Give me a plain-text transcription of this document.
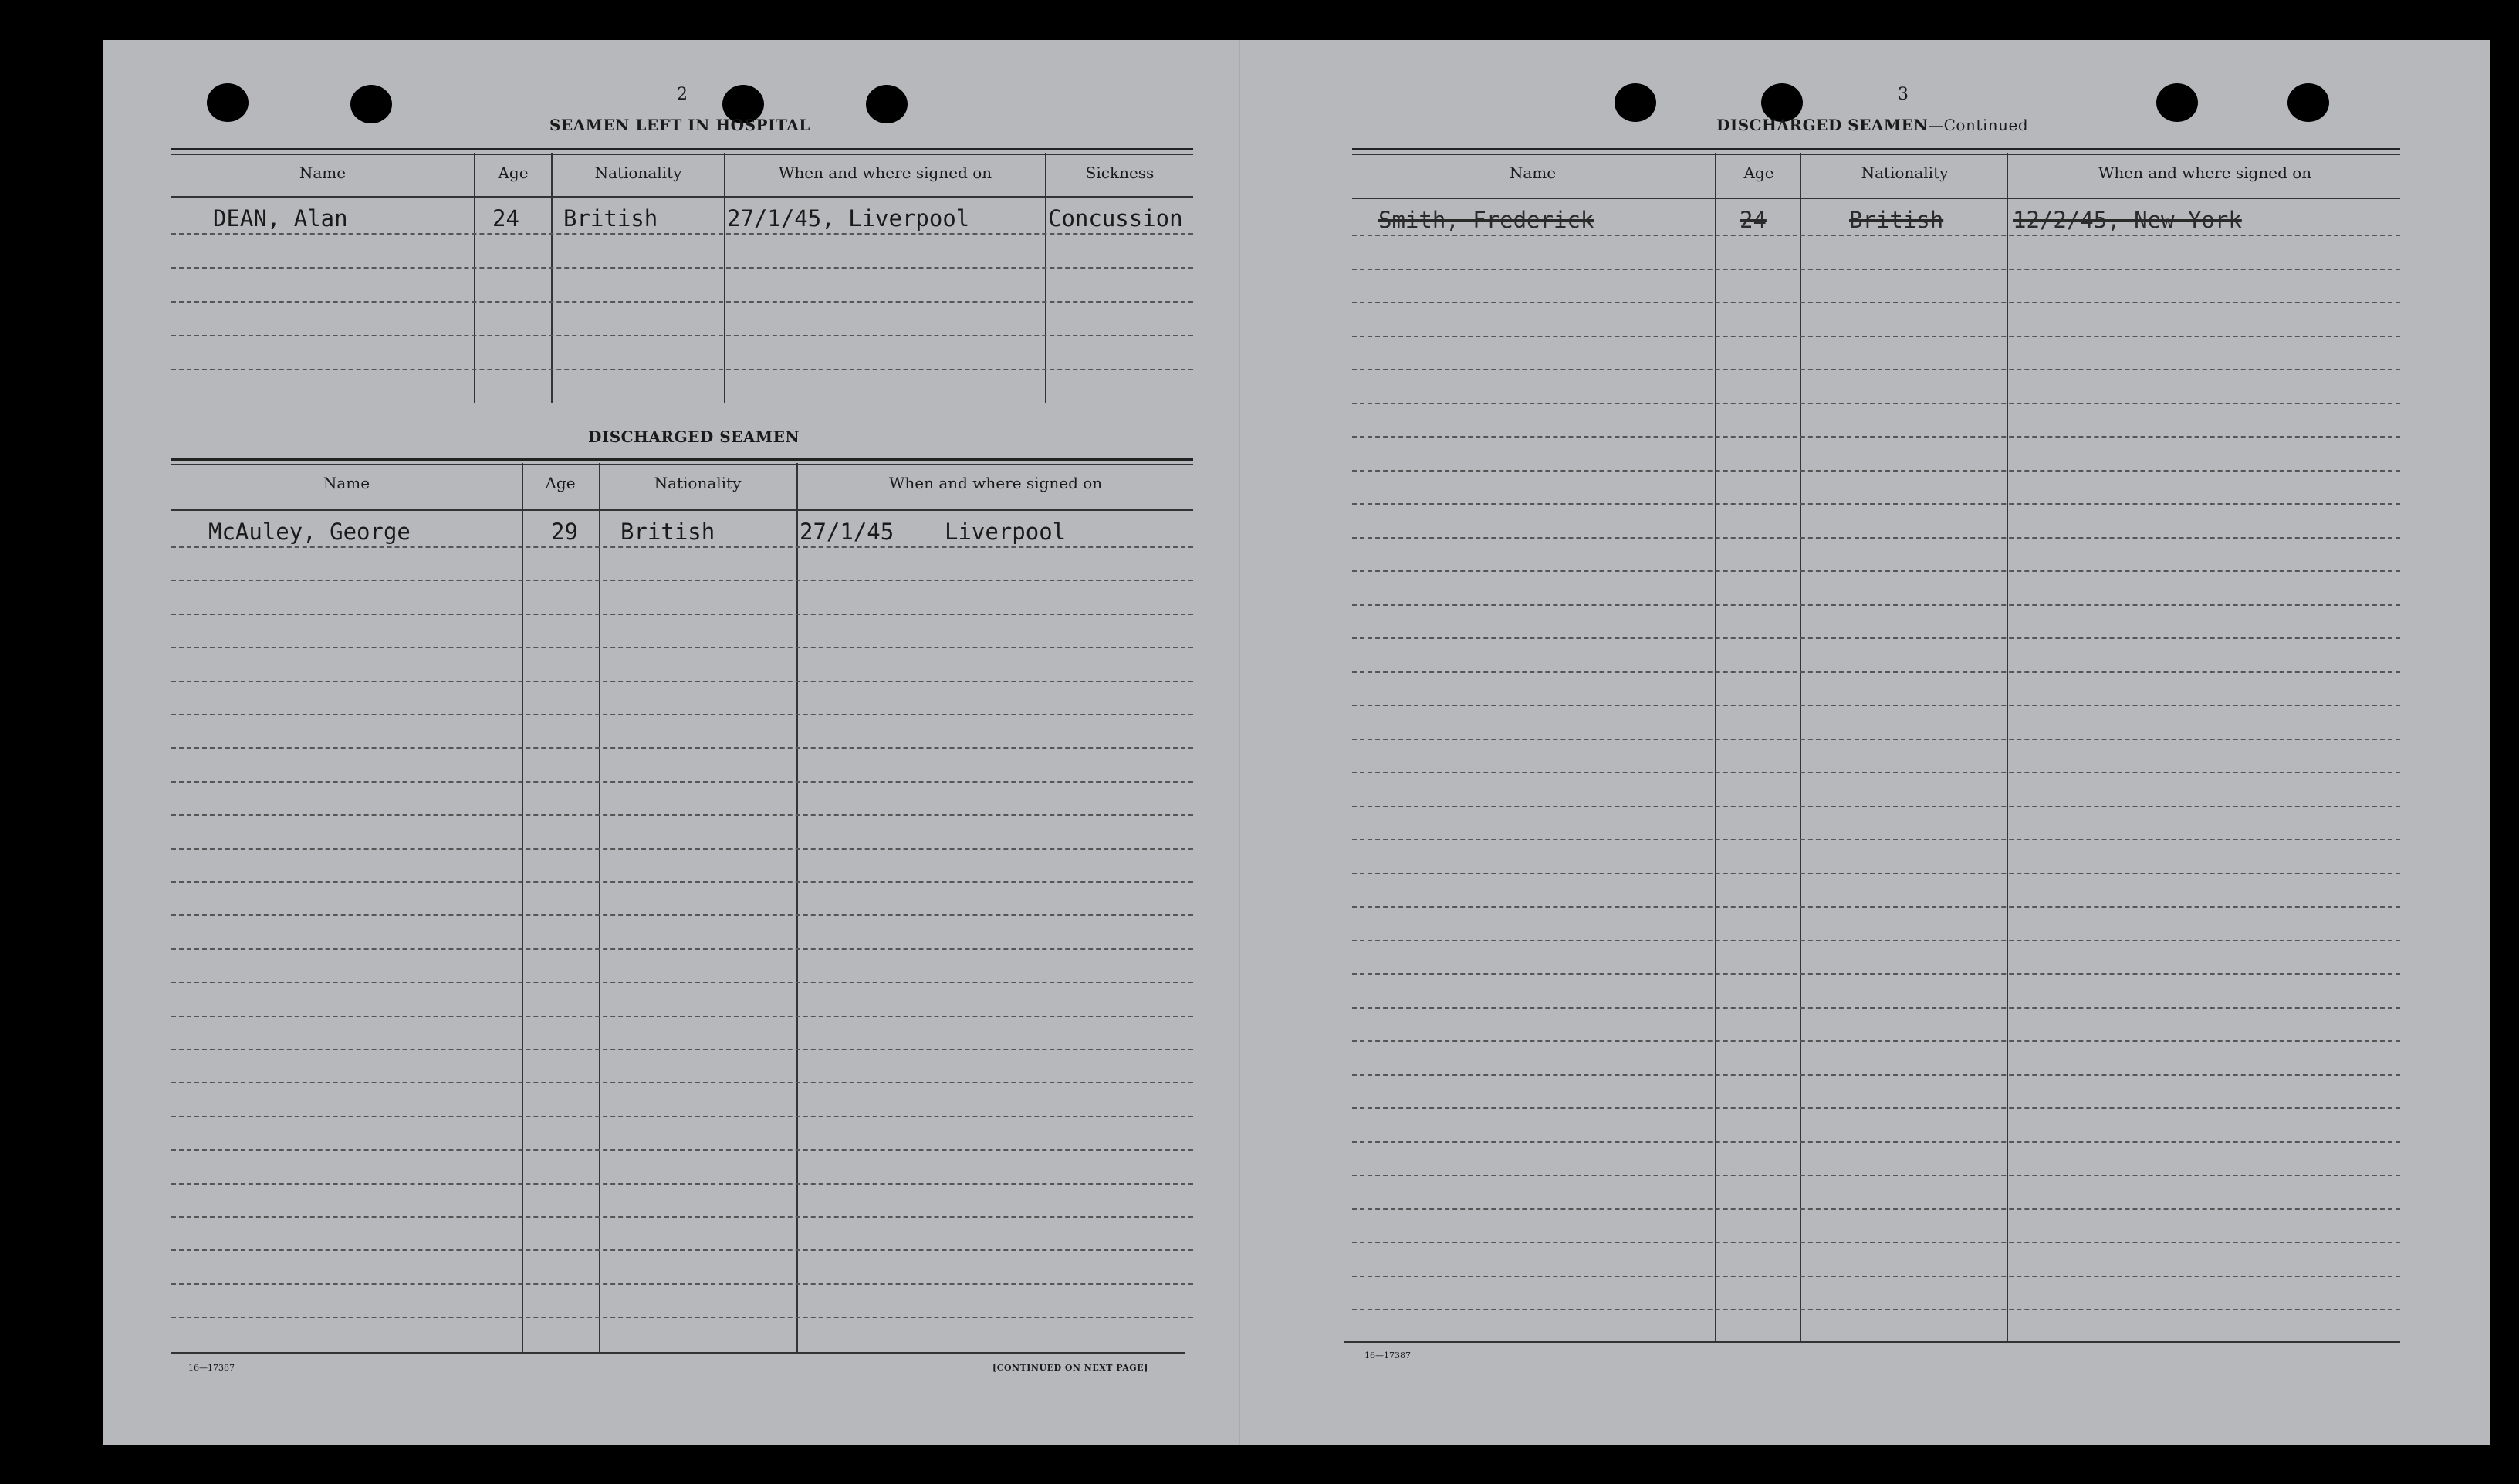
2
SEAMEN LEFT IN HOSPITAL
Name	Age	Nationality	When and where signed on	Sickness
DEAN, Alan	24 British	27/1/45, Liverpool	Concussion
DISCHARGED SEAMEN
Name	Age	Nationality	When and where signed on
McAuley, George	29 British	27/1/45 Liverpool
16—17387	[CONTINUED ON NEXT PAGE]
3
DISCHARGED SEAMEN—Continued
Name	Age	Nationality	When and where signed on
Smith, Frederick	24	British	12/2/45, New York
16—17387
